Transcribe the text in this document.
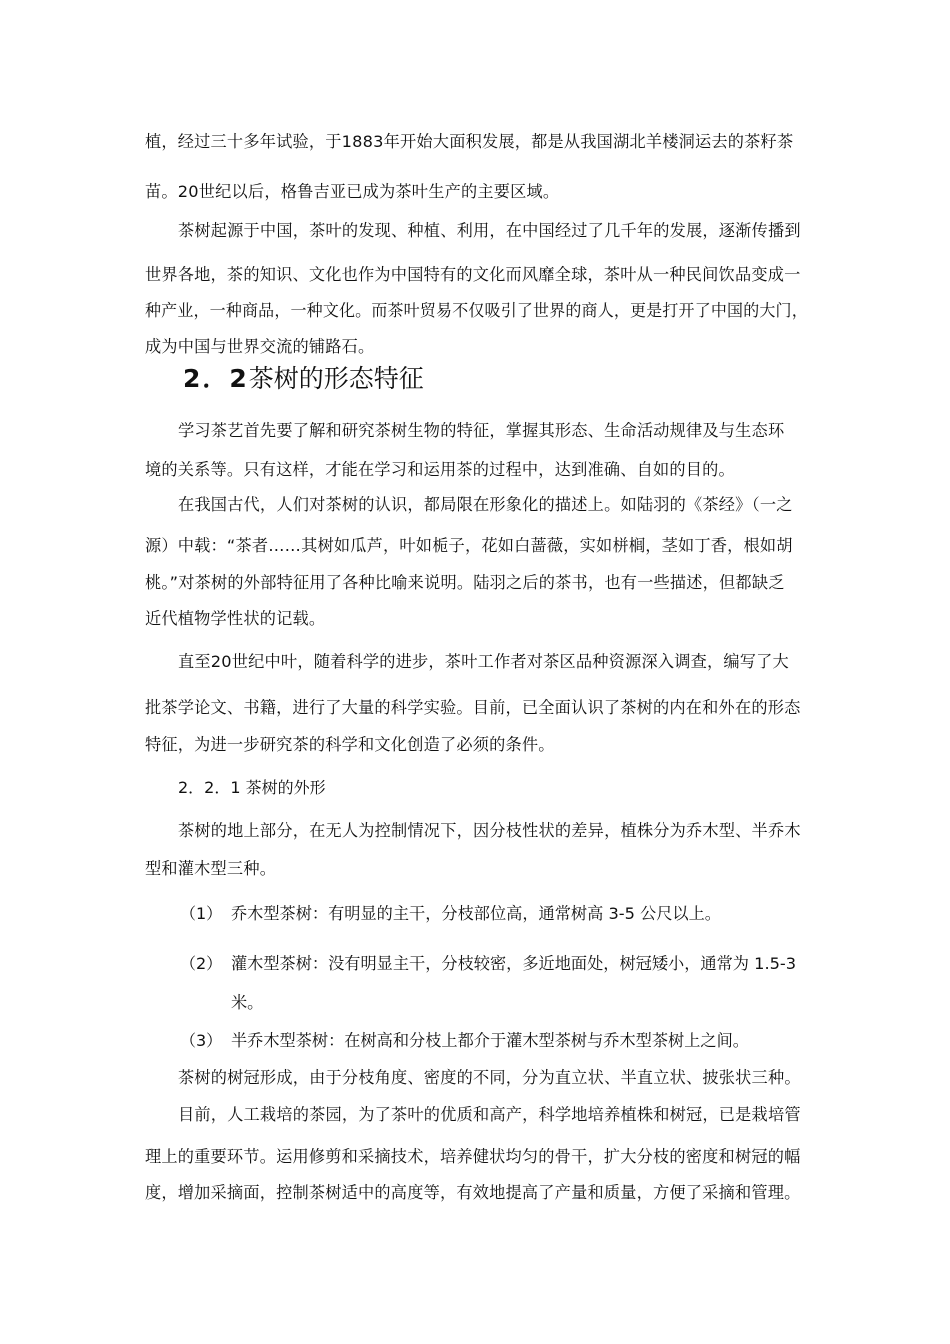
植，经过三十多年试验，于1883年开始大面积发展，都是从我国湖北羊楼洞运去的茶籽茶
苗。20世纪以后，格鲁吉亚已成为茶叶生产的主要区域。
茶树起源于中国，茶叶的发现、种植、利用，在中国经过了几千年的发展，逐渐传播到
世界各地，茶的知识、文化也作为中国特有的文化而风靡全球，茶叶从一种民间饮品变成一
种产业，一种商品，一种文化。而茶叶贸易不仅吸引了世界的商人，更是打开了中国的大门，
成为中国与世界交流的铺路石。
2．2茶树的形态特征
学习茶艺首先要了解和研究茶树生物的特征，掌握其形态、生命活动规律及与生态环
境的关系等。只有这样，才能在学习和运用茶的过程中，达到准确、自如的目的。
在我国古代，人们对茶树的认识，都局限在形象化的描述上。如陆羽的《茶经》（一之
源）中载：“茶者……其树如瓜芦，叶如栀子，花如白蔷薇，实如栟榈，茎如丁香，根如胡
桃。”对茶树的外部特征用了各种比喻来说明。陆羽之后的茶书，也有一些描述，但都缺乏
近代植物学性状的记载。
直至20世纪中叶，随着科学的进步，茶叶工作者对茶区品种资源深入调查，编写了大
批茶学论文、书籍，进行了大量的科学实验。目前，已全面认识了茶树的内在和外在的形态
特征，为进一步研究茶的科学和文化创造了必须的条件。
2．2．1 茶树的外形
茶树的地上部分，在无人为控制情况下，因分枝性状的差异，植株分为乔木型、半乔木
型和灌木型三种。
（1） 乔木型茶树：有明显的主干，分枝部位高，通常树高 3-5 公尺以上。
（2） 灌木型茶树：没有明显主干，分枝较密，多近地面处，树冠矮小，通常为 1.5-3
米。
（3） 半乔木型茶树：在树高和分枝上都介于灌木型茶树与乔木型茶树上之间。
茶树的树冠形成，由于分枝角度、密度的不同，分为直立状、半直立状、披张状三种。
目前，人工栽培的茶园，为了茶叶的优质和高产，科学地培养植株和树冠，已是栽培管
理上的重要环节。运用修剪和采摘技术，培养健状均匀的骨干，扩大分枝的密度和树冠的幅
度，增加采摘面，控制茶树适中的高度等，有效地提高了产量和质量，方便了采摘和管理。
